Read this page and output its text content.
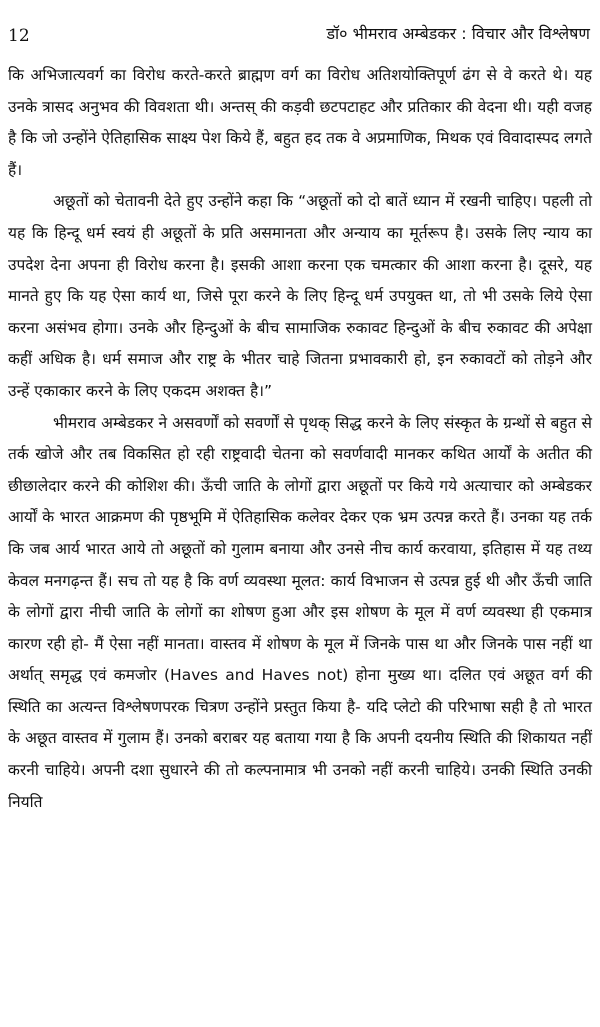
12	डॉ० भीमराव अम्बेडकर : विचार और विश्लेषण

कि अभिजात्यवर्ग का विरोध करते-करते ब्राह्मण वर्ग का विरोध अतिशयोक्तिपूर्ण ढंग से वे करते थे। यह उनके त्रासद अनुभव की विवशता थी। अन्तस् की कड़वी छटपटाहट और प्रतिकार की वेदना थी। यही वजह है कि जो उन्होंने ऐतिहासिक साक्ष्य पेश किये हैं, बहुत हद तक वे अप्रमाणिक, मिथक एवं विवादास्पद लगते हैं।

अछूतों को चेतावनी देते हुए उन्होंने कहा कि “अछूतों को दो बातें ध्यान में रखनी चाहिए। पहली तो यह कि हिन्दू धर्म स्वयं ही अछूतों के प्रति असमानता और अन्याय का मूर्तरूप है। उसके लिए न्याय का उपदेश देना अपना ही विरोध करना है। इसकी आशा करना एक चमत्कार की आशा करना है। दूसरे, यह मानते हुए कि यह ऐसा कार्य था, जिसे पूरा करने के लिए हिन्दू धर्म उपयुक्त था, तो भी उसके लिये ऐसा करना असंभव होगा। उनके और हिन्दुओं के बीच सामाजिक रुकावट हिन्दुओं के बीच रुकावट की अपेक्षा कहीं अधिक है। धर्म समाज और राष्ट्र के भीतर चाहे जितना प्रभावकारी हो, इन रुकावटों को तोड़ने और उन्हें एकाकार करने के लिए एकदम अशक्त है।”

भीमराव अम्बेडकर ने असवर्णों को सवर्णों से पृथक् सिद्ध करने के लिए संस्कृत के ग्रन्थों से बहुत से तर्क खोजे और तब विकसित हो रही राष्ट्रवादी चेतना को सवर्णवादी मानकर कथित आर्यों के अतीत की छीछालेदार करने की कोशिश की। ऊँची जाति के लोगों द्वारा अछूतों पर किये गये अत्याचार को अम्बेडकर आर्यों के भारत आक्रमण की पृष्ठभूमि में ऐतिहासिक कलेवर देकर एक भ्रम उत्पन्न करते हैं। उनका यह तर्क कि जब आर्य भारत आये तो अछूतों को गुलाम बनाया और उनसे नीच कार्य करवाया, इतिहास में यह तथ्य केवल मनगढ़न्त हैं। सच तो यह है कि वर्ण व्यवस्था मूलत: कार्य विभाजन से उत्पन्न हुई थी और ऊँची जाति के लोगों द्वारा नीची जाति के लोगों का शोषण हुआ और इस शोषण के मूल में वर्ण व्यवस्था ही एकमात्र कारण रही हो- मैं ऐसा नहीं मानता। वास्तव में शोषण के मूल में जिनके पास था और जिनके पास नहीं था अर्थात् समृद्ध एवं कमजोर (Haves and Haves not) होना मुख्य था। दलित एवं अछूत वर्ग की स्थिति का अत्यन्त विश्लेषणपरक चित्रण उन्होंने प्रस्तुत किया है- यदि प्लेटो की परिभाषा सही है तो भारत के अछूत वास्तव में गुलाम हैं। उनको बराबर यह बताया गया है कि अपनी दयनीय स्थिति की शिकायत नहीं करनी चाहिये। अपनी दशा सुधारने की तो कल्पनामात्र भी उनको नहीं करनी चाहिये। उनकी स्थिति उनकी नियति
